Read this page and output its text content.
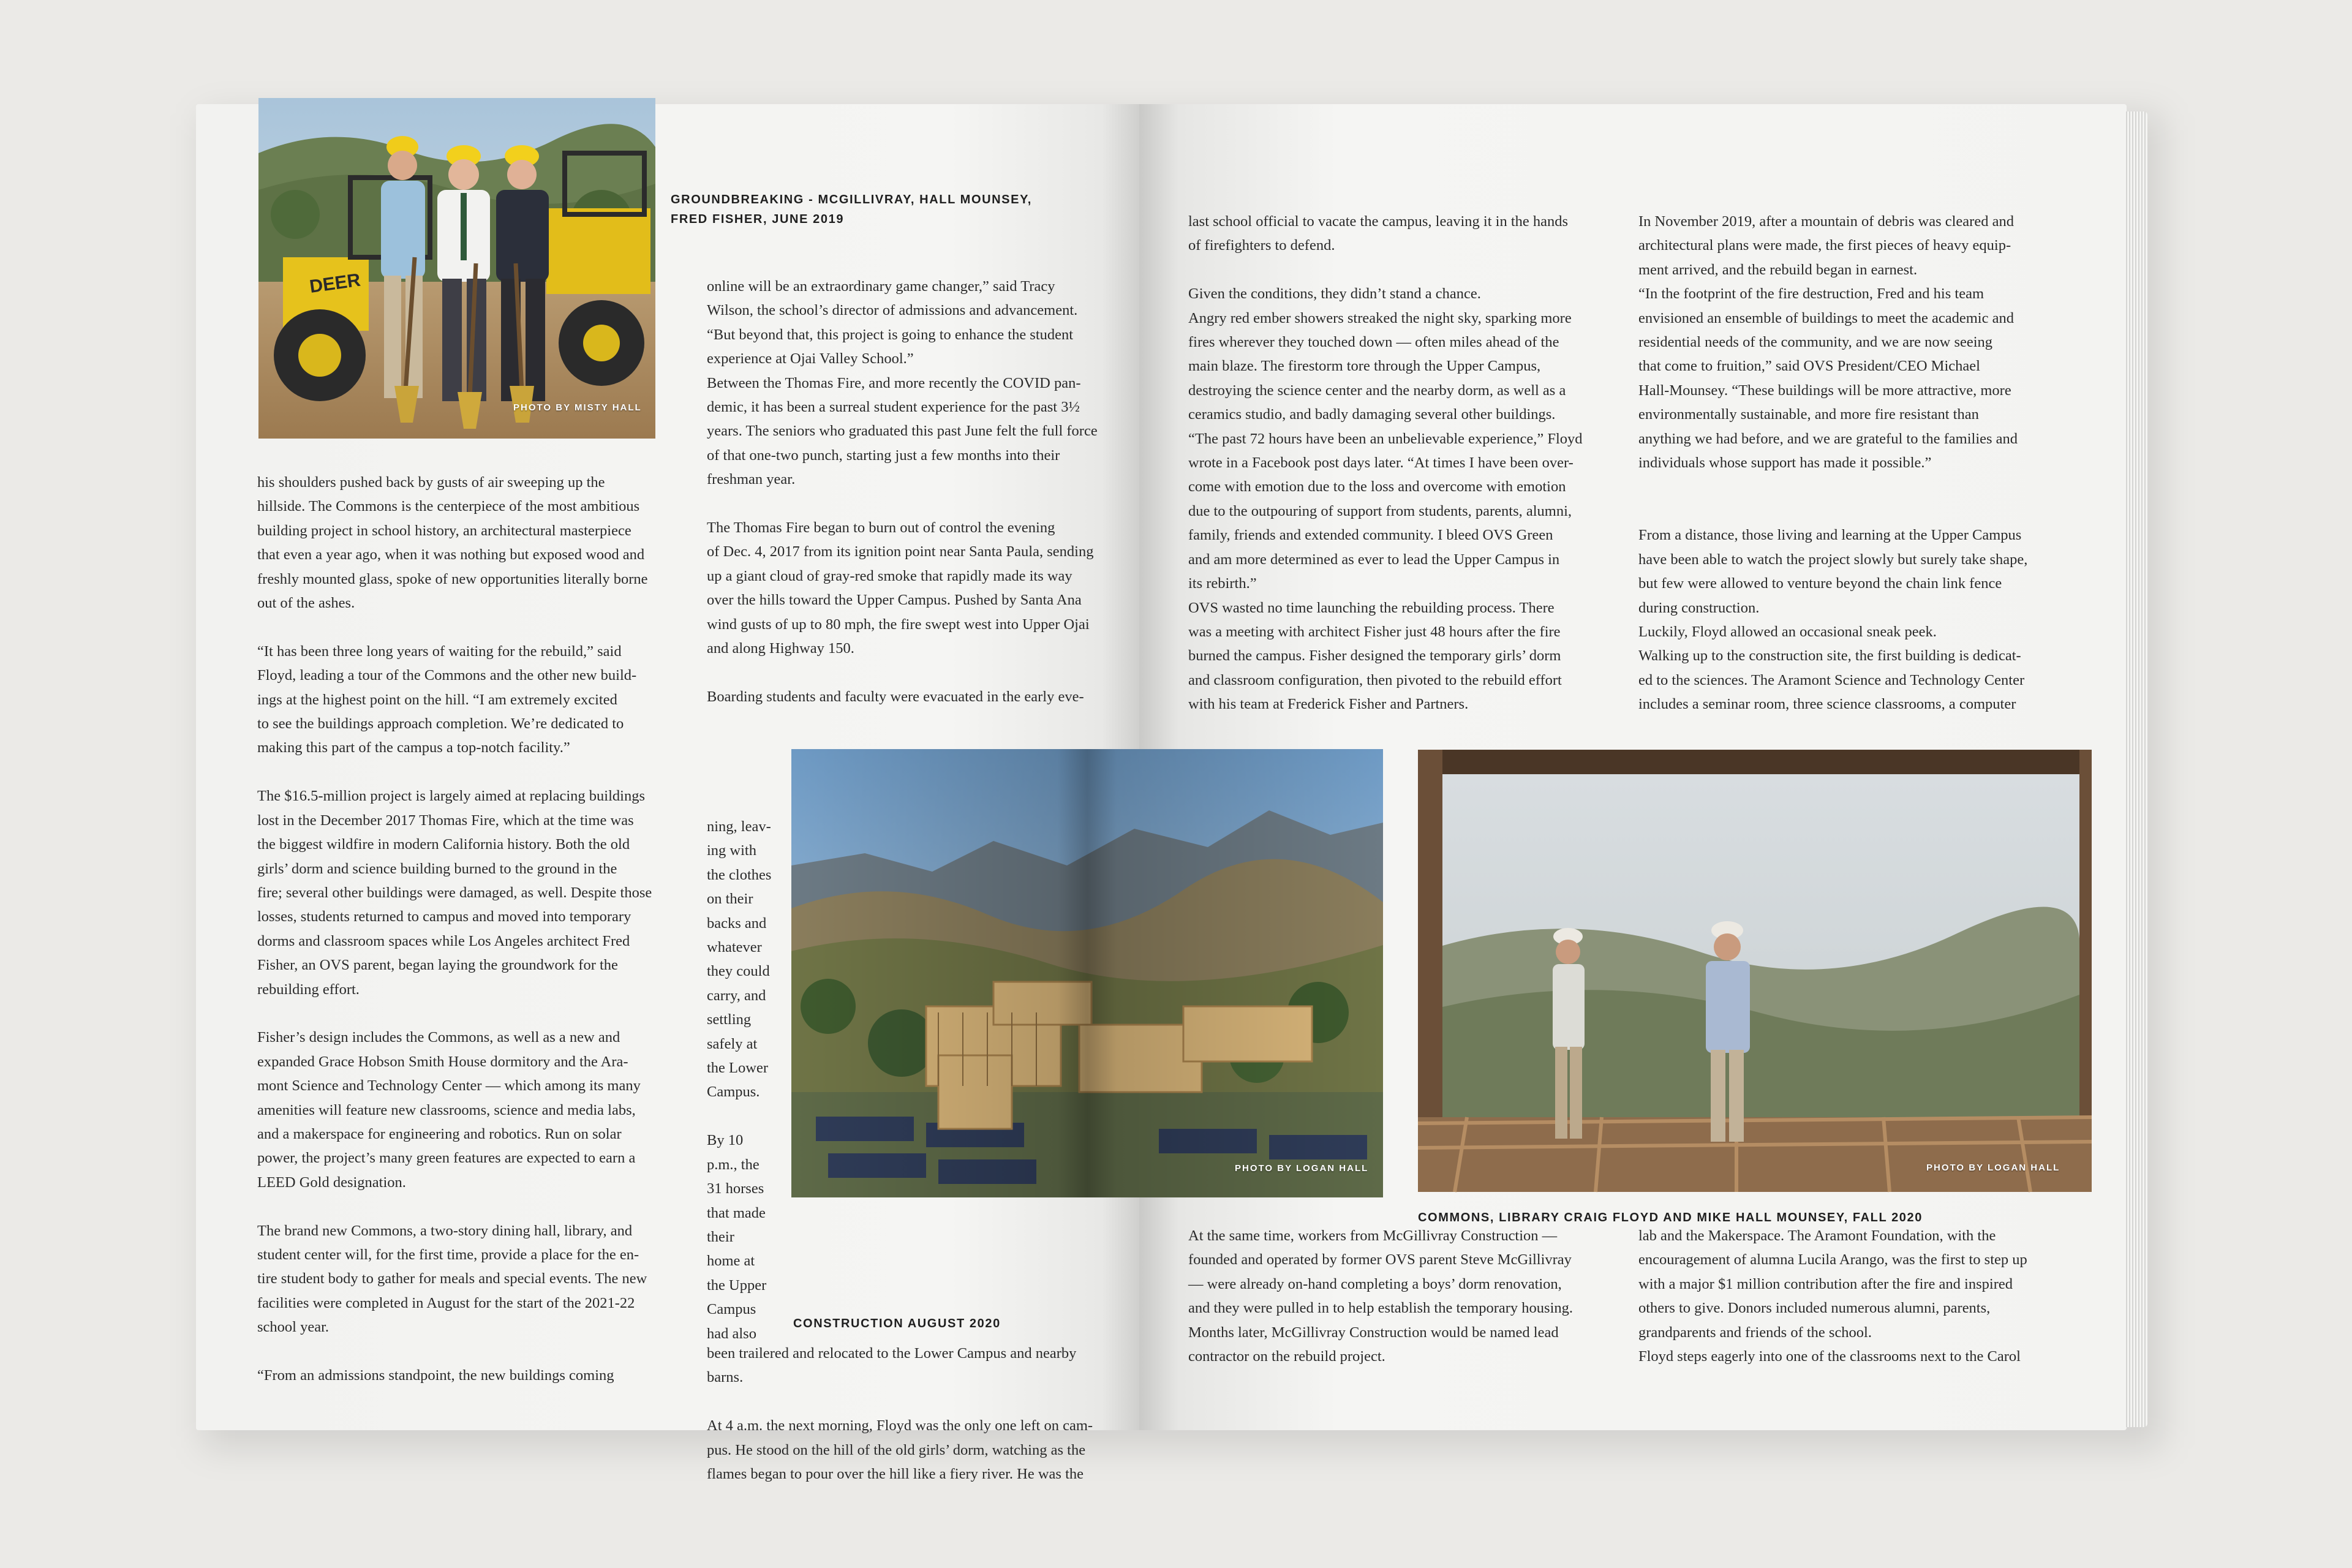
DEER
PHOTO BY MISTY HALL
GROUNDBREAKING - MCGILLIVRAY, HALL MOUNSEY,
FRED FISHER, JUNE 2019

his shoulders pushed back by gusts of air sweeping up the
hillside. The Commons is the centerpiece of the most ambitious
building project in school history, an architectural masterpiece
that even a year ago, when it was nothing but exposed wood and
freshly mounted glass, spoke of new opportunities literally borne
out of the ashes.

“It has been three long years of waiting for the rebuild,” said
Floyd, leading a tour of the Commons and the other new build-
ings at the highest point on the hill. “I am extremely excited
to see the buildings approach completion. We’re dedicated to
making this part of the campus a top-notch facility.”

The $16.5-million project is largely aimed at replacing buildings
lost in the December 2017 Thomas Fire, which at the time was
the biggest wildfire in modern California history. Both the old
girls’ dorm and science building burned to the ground in the
fire; several other buildings were damaged, as well. Despite those
losses, students returned to campus and moved into temporary
dorms and classroom spaces while Los Angeles architect Fred
Fisher, an OVS parent, began laying the groundwork for the
rebuilding effort.

Fisher’s design includes the Commons, as well as a new and
expanded Grace Hobson Smith House dormitory and the Ara-
mont Science and Technology Center — which among its many
amenities will feature new classrooms, science and media labs,
and a makerspace for engineering and robotics. Run on solar
power, the project’s many green features are expected to earn a
LEED Gold designation.

The brand new Commons, a two-story dining hall, library, and
student center will, for the first time, provide a place for the en-
tire student body to gather for meals and special events. The new
facilities were completed in August for the start of the 2021-22
school year.

“From an admissions standpoint, the new buildings coming

online will be an extraordinary game changer,” said Tracy
Wilson, the school’s director of admissions and advancement.
“But beyond that, this project is going to enhance the student
experience at Ojai Valley School.”
Between the Thomas Fire, and more recently the COVID pan-
demic, it has been a surreal student experience for the past 3½
years. The seniors who graduated this past June felt the full force
of that one-two punch, starting just a few months into their
freshman year.

The Thomas Fire began to burn out of control the evening
of Dec. 4, 2017 from its ignition point near Santa Paula, sending
up a giant cloud of gray-red smoke that rapidly made its way
over the hills toward the Upper Campus. Pushed by Santa Ana
wind gusts of up to 80 mph, the fire swept west into Upper Ojai
and along Highway 150.

Boarding students and faculty were evacuated in the early eve-

ning, leav-
ing with
the clothes
on their
backs and
whatever
they could
carry, and
settling
safely at
the Lower
Campus.

By 10
p.m., the
31 horses
that made
their
home at
the Upper
Campus
had also

been trailered and relocated to the Lower Campus and nearby
barns.

At 4 a.m. the next morning, Floyd was the only one left on cam-
pus. He stood on the hill of the old girls’ dorm, watching as the
flames began to pour over the hill like a fiery river. He was the

CONSTRUCTION AUGUST 2020

last school official to vacate the campus, leaving it in the hands
of firefighters to defend.

Given the conditions, they didn’t stand a chance.
Angry red ember showers streaked the night sky, sparking more
fires wherever they touched down — often miles ahead of the
main blaze. The firestorm tore through the Upper Campus,
destroying the science center and the nearby dorm, as well as a
ceramics studio, and badly damaging several other buildings.
“The past 72 hours have been an unbelievable experience,” Floyd
wrote in a Facebook post days later. “At times I have been over-
come with emotion due to the loss and overcome with emotion
due to the outpouring of support from students, parents, alumni,
family, friends and extended community. I bleed OVS Green
and am more determined as ever to lead the Upper Campus in
its rebirth.”
OVS wasted no time launching the rebuilding process. There
was a meeting with architect Fisher just 48 hours after the fire
burned the campus. Fisher designed the temporary girls’ dorm
and classroom configuration, then pivoted to the rebuild effort
with his team at Frederick Fisher and Partners.

In November 2019, after a mountain of debris was cleared and
architectural plans were made, the first pieces of heavy equip-
ment arrived, and the rebuild began in earnest.
“In the footprint of the fire destruction, Fred and his team
envisioned an ensemble of buildings to meet the academic and
residential needs of the community, and we are now seeing
that come to fruition,” said OVS President/CEO Michael
Hall-Mounsey. “These buildings will be more attractive, more
environmentally sustainable, and more fire resistant than
anything we had before, and we are grateful to the families and
individuals whose support has made it possible.”

From a distance, those living and learning at the Upper Campus
have been able to watch the project slowly but surely take shape,
but few were allowed to venture beyond the chain link fence
during construction.
Luckily, Floyd allowed an occasional sneak peek.
Walking up to the construction site, the first building is dedicat-
ed to the sciences. The Aramont Science and Technology Center
includes a seminar room, three science classrooms, a computer

PHOTO BY LOGAN HALL
COMMONS, LIBRARY CRAIG FLOYD AND MIKE HALL MOUNSEY, FALL 2020

At the same time, workers from McGillivray Construction —
founded and operated by former OVS parent Steve McGillivray
— were already on-hand completing a boys’ dorm renovation,
and they were pulled in to help establish the temporary housing.
Months later, McGillivray Construction would be named lead
contractor on the rebuild project.

lab and the Makerspace. The Aramont Foundation, with the
encouragement of alumna Lucila Arango, was the first to step up
with a major $1 million contribution after the fire and inspired
others to give. Donors included numerous alumni, parents,
grandparents and friends of the school.
Floyd steps eagerly into one of the classrooms next to the Carol

PHOTO BY LOGAN HALL
